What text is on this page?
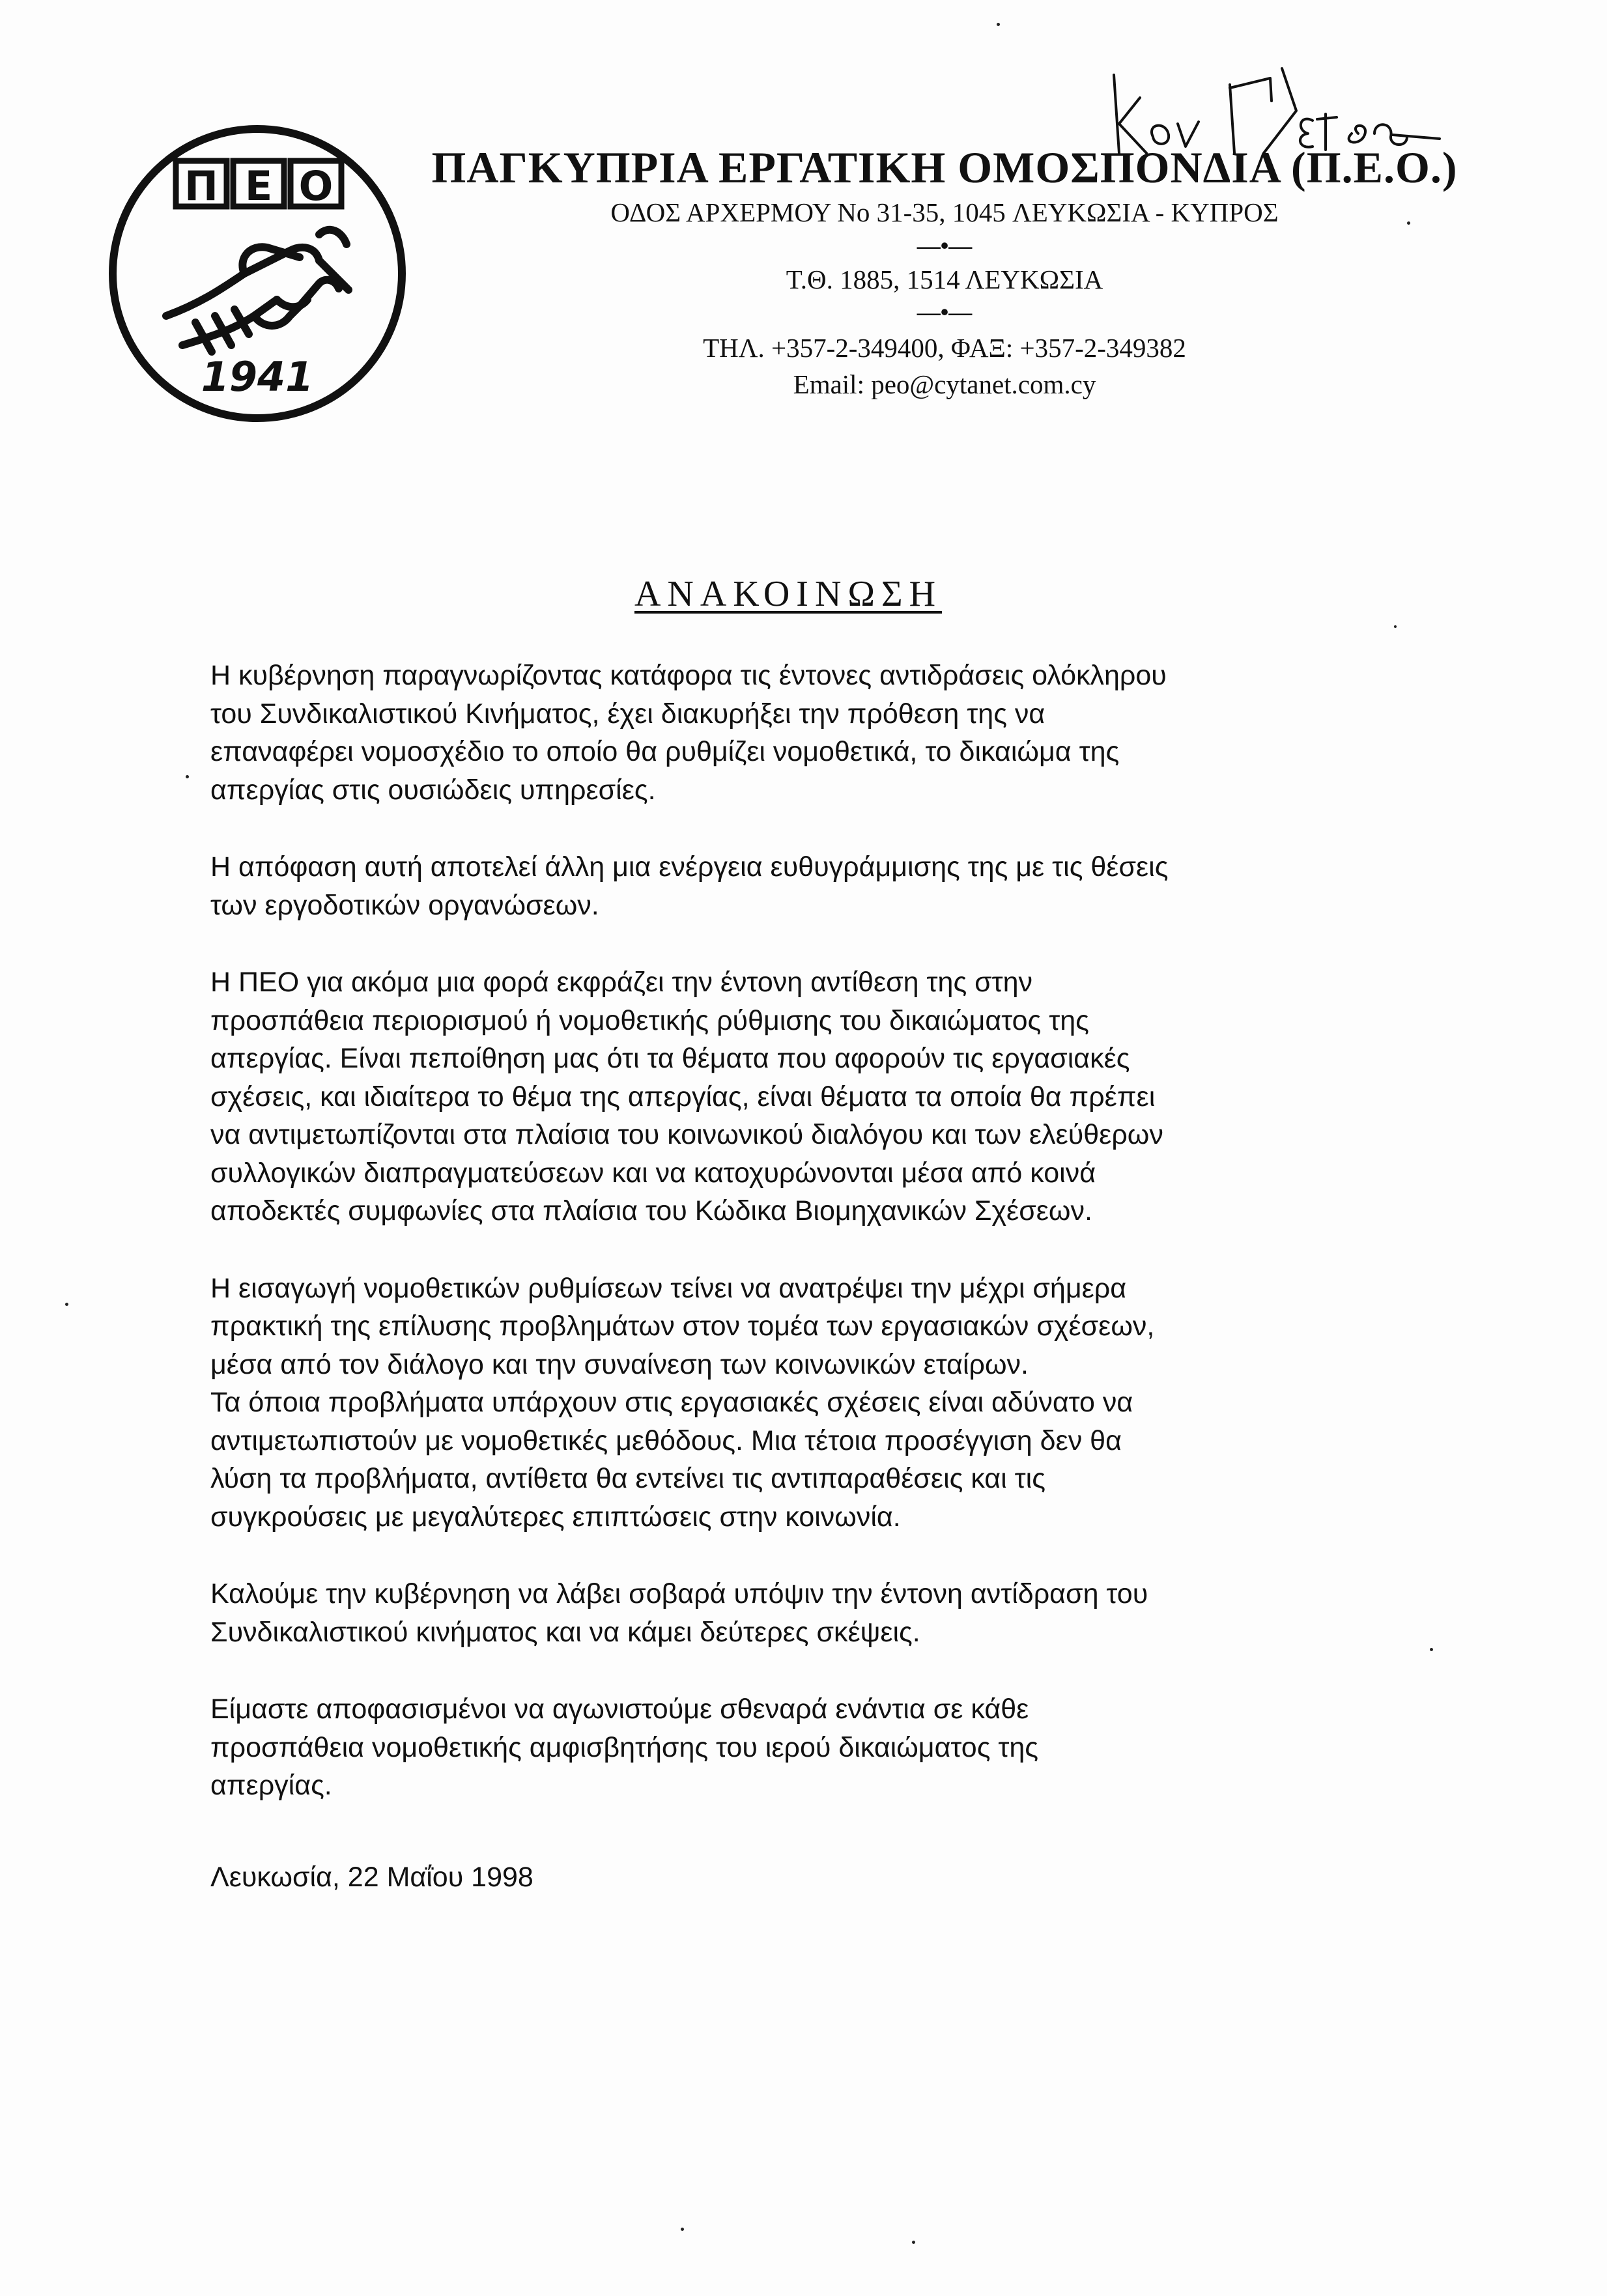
Π Ε Ο
1941
ΠΑΓΚΥΠΡΙΑ ΕΡΓΑΤΙΚΗ ΟΜΟΣΠΟΝΔΙΑ (Π.Ε.Ο.)
ΟΔΟΣ ΑΡΧΕΡΜΟΥ No 31-35, 1045 ΛΕΥΚΩΣΙΑ - ΚΥΠΡΟΣ
—•—
Τ.Θ. 1885, 1514 ΛΕΥΚΩΣΙΑ
—•—
ΤΗΛ. +357-2-349400, ΦΑΞ: +357-2-349382
Email: peo@cytanet.com.cy
ΑΝΑΚΟΙΝΩΣΗ

Η κυβέρνηση παραγνωρίζοντας κατάφορα τις έντονες αντιδράσεις ολόκληρου
του Συνδικαλιστικού Κινήματος, έχει διακυρήξει την πρόθεση της να
επαναφέρει νομοσχέδιο το οποίο θα ρυθμίζει νομοθετικά, το δικαιώμα της
απεργίας στις ουσιώδεις υπηρεσίες.

Η απόφαση αυτή αποτελεί άλλη μια ενέργεια ευθυγράμμισης της με τις θέσεις
των εργοδοτικών οργανώσεων.

Η ΠΕΟ για ακόμα μια φορά εκφράζει την έντονη αντίθεση της στην
προσπάθεια περιορισμού ή νομοθετικής ρύθμισης του δικαιώματος της
απεργίας. Είναι πεποίθηση μας ότι τα θέματα που αφορούν τις εργασιακές
σχέσεις, και ιδιαίτερα το θέμα της απεργίας, είναι θέματα τα οποία θα πρέπει
να αντιμετωπίζονται στα πλαίσια του κοινωνικού διαλόγου και των ελεύθερων
συλλογικών διαπραγματεύσεων και να κατοχυρώνονται μέσα από κοινά
αποδεκτές συμφωνίες στα πλαίσια του Κώδικα Βιομηχανικών Σχέσεων.

Η εισαγωγή νομοθετικών ρυθμίσεων τείνει να ανατρέψει την μέχρι σήμερα
πρακτική της επίλυσης προβλημάτων στον τομέα των εργασιακών σχέσεων,
μέσα από τον διάλογο και την συναίνεση των κοινωνικών εταίρων.
Τα όποια προβλήματα υπάρχουν στις εργασιακές σχέσεις είναι αδύνατο να
αντιμετωπιστούν με νομοθετικές μεθόδους. Μια τέτοια προσέγγιση δεν θα
λύση τα προβλήματα, αντίθετα θα εντείνει τις αντιπαραθέσεις και τις
συγκρούσεις με μεγαλύτερες επιπτώσεις στην κοινωνία.

Καλούμε την κυβέρνηση να λάβει σοβαρά υπόψιν την έντονη αντίδραση του
Συνδικαλιστικού κινήματος και να κάμει δεύτερες σκέψεις.

Είμαστε αποφασισμένοι να αγωνιστούμε σθεναρά ενάντια σε κάθε
προσπάθεια νομοθετικής αμφισβητήσης του ιερού δικαιώματος της
απεργίας.

Λευκωσία, 22 Μαΐου 1998
